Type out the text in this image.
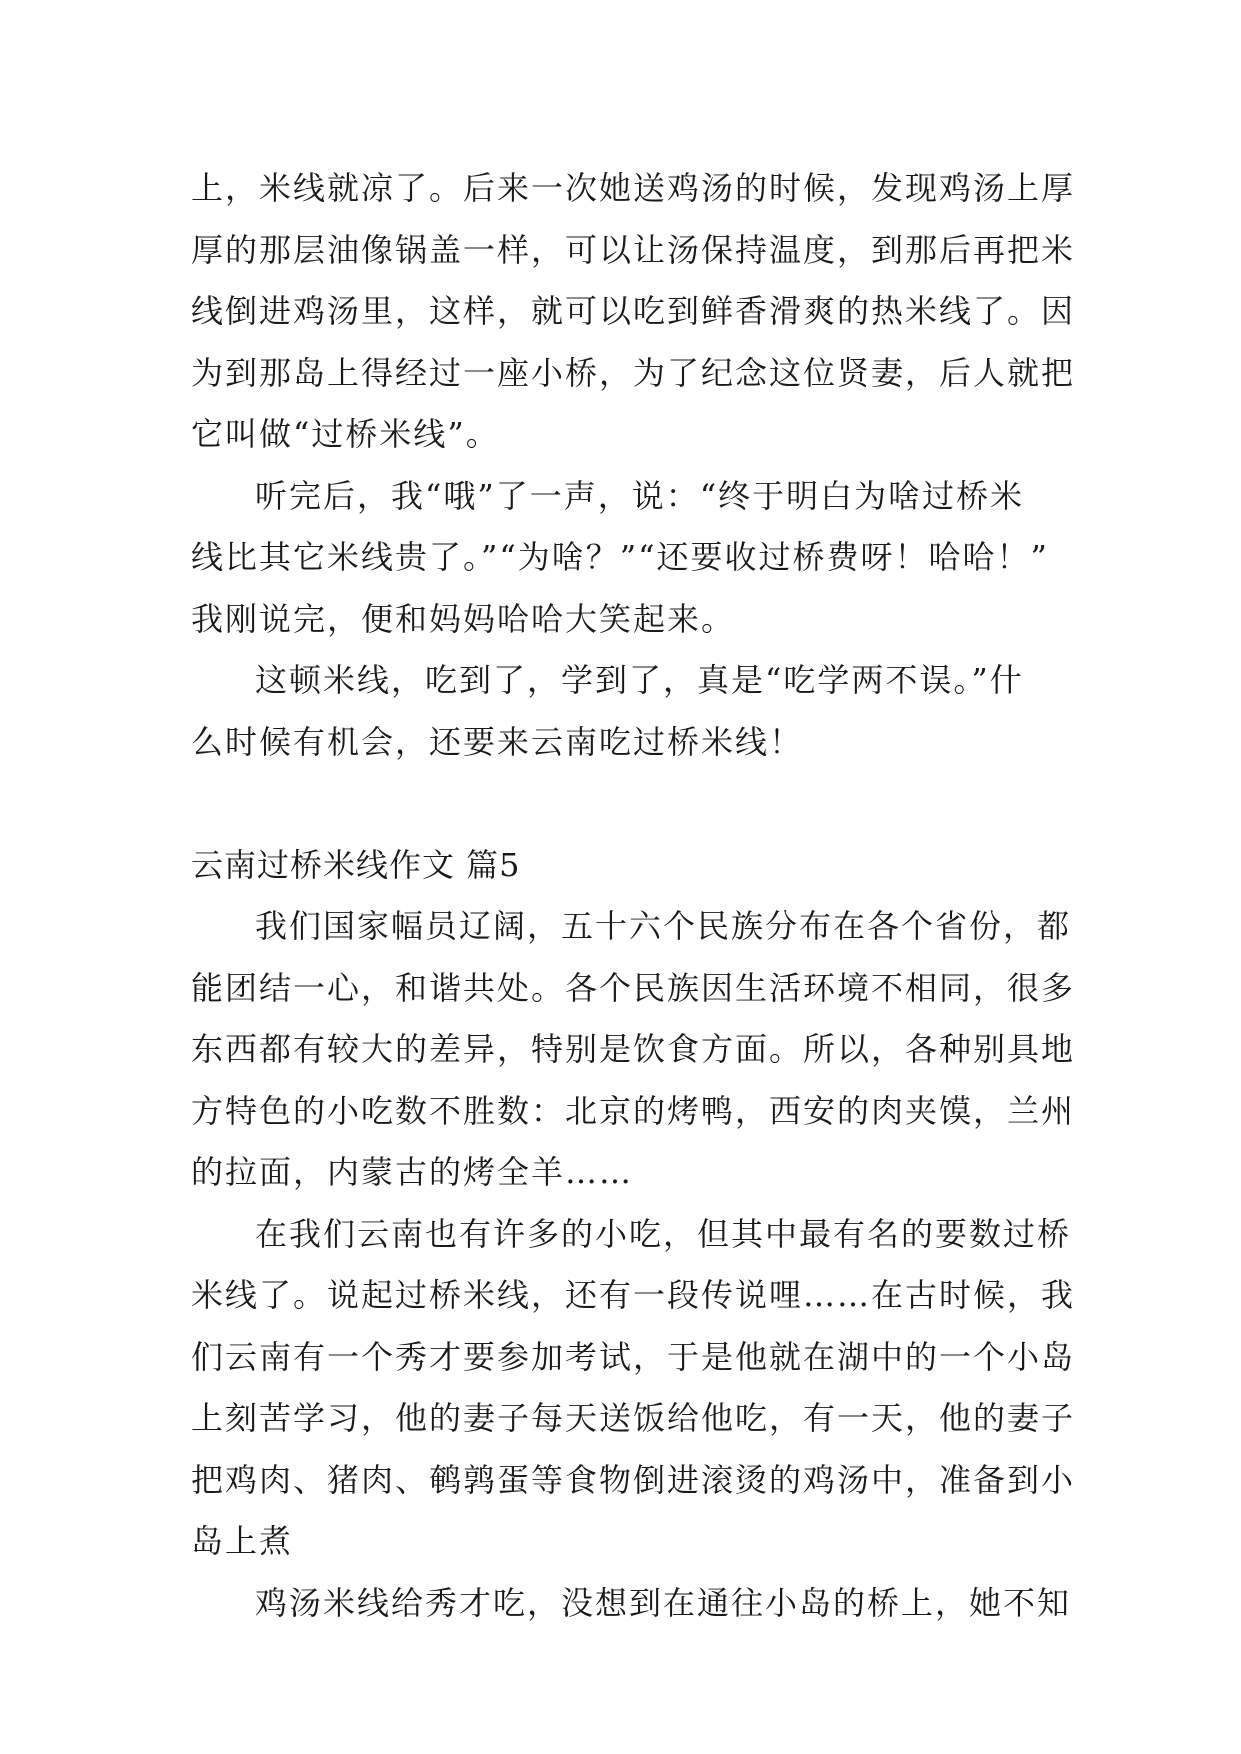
上，米线就凉了。后来一次她送鸡汤的时候，发现鸡汤上厚
厚的那层油像锅盖一样，可以让汤保持温度，到那后再把米
线倒进鸡汤里，这样，就可以吃到鲜香滑爽的热米线了。因
为到那岛上得经过一座小桥，为了纪念这位贤妻，后人就把
它叫做“过桥米线”。
听完后，我“哦”了一声，说：“终于明白为啥过桥米
线比其它米线贵了。”“为啥？”“还要收过桥费呀！哈哈！”
我刚说完，便和妈妈哈哈大笑起来。
这顿米线，吃到了，学到了，真是“吃学两不误。”什
么时候有机会，还要来云南吃过桥米线！
云南过桥米线作文 篇5
我们国家幅员辽阔，五十六个民族分布在各个省份，都
能团结一心，和谐共处。各个民族因生活环境不相同，很多
东西都有较大的差异，特别是饮食方面。所以，各种别具地
方特色的小吃数不胜数：北京的烤鸭，西安的肉夹馍，兰州
的拉面，内蒙古的烤全羊……
在我们云南也有许多的小吃，但其中最有名的要数过桥
米线了。说起过桥米线，还有一段传说哩……在古时候，我
们云南有一个秀才要参加考试，于是他就在湖中的一个小岛
上刻苦学习，他的妻子每天送饭给他吃，有一天，他的妻子
把鸡肉、猪肉、鹌鹑蛋等食物倒进滚烫的鸡汤中，准备到小
岛上煮
鸡汤米线给秀才吃，没想到在通往小岛的桥上，她不知
